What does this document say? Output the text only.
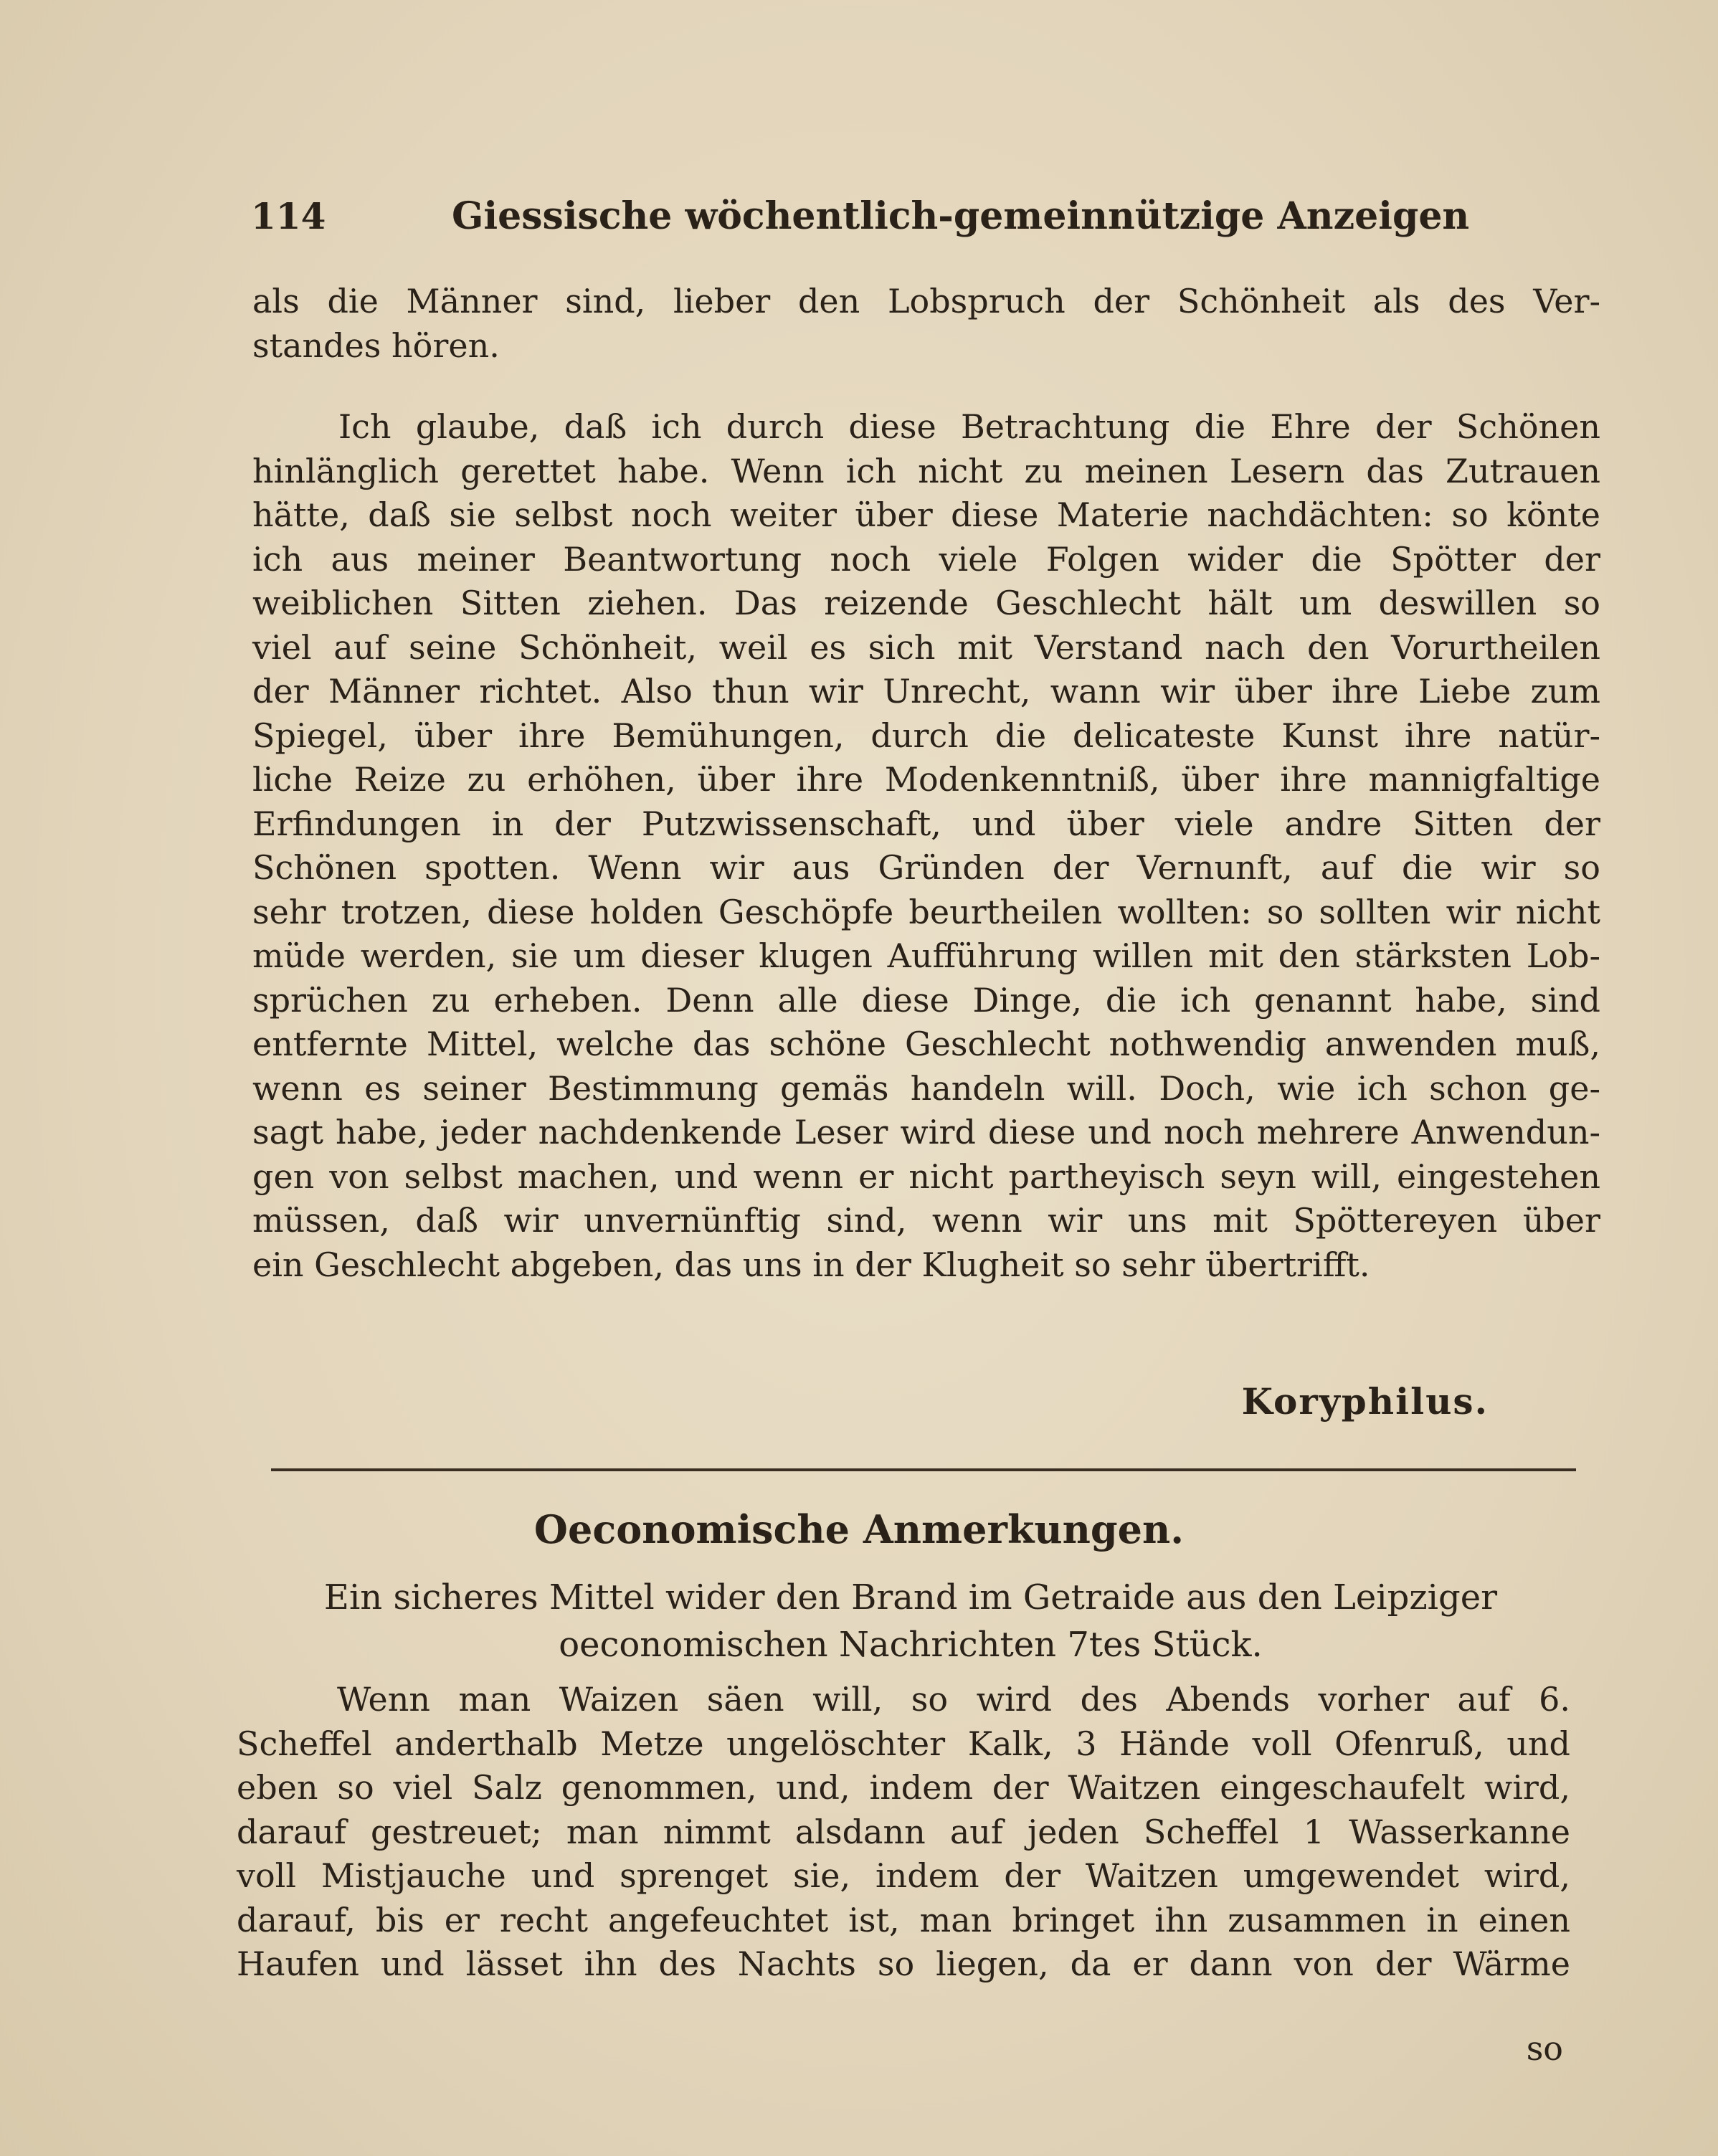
114	Giessische wöchentlich-gemeinnützige Anzeigen
als die Männer sind, lieber den Lobspruch der Schönheit als des Ver-
standes hören.
Ich glaube, daß ich durch diese Betrachtung die Ehre der Schönen
hinlänglich gerettet habe. Wenn ich nicht zu meinen Lesern das Zutrauen
hätte, daß sie selbst noch weiter über diese Materie nachdächten: so könte
ich aus meiner Beantwortung noch viele Folgen wider die Spötter der
weiblichen Sitten ziehen. Das reizende Geschlecht hält um deswillen so
viel auf seine Schönheit, weil es sich mit Verstand nach den Vorurtheilen
der Männer richtet. Also thun wir Unrecht, wann wir über ihre Liebe zum
Spiegel, über ihre Bemühungen, durch die delicateste Kunst ihre natür-
liche Reize zu erhöhen, über ihre Modenkenntniß, über ihre mannigfaltige
Erfindungen in der Putzwissenschaft, und über viele andre Sitten der
Schönen spotten. Wenn wir aus Gründen der Vernunft, auf die wir so
sehr trotzen, diese holden Geschöpfe beurtheilen wollten: so sollten wir nicht
müde werden, sie um dieser klugen Aufführung willen mit den stärksten Lob-
sprüchen zu erheben. Denn alle diese Dinge, die ich genannt habe, sind
entfernte Mittel, welche das schöne Geschlecht nothwendig anwenden muß,
wenn es seiner Bestimmung gemäs handeln will. Doch, wie ich schon ge-
sagt habe, jeder nachdenkende Leser wird diese und noch mehrere Anwendun-
gen von selbst machen, und wenn er nicht partheyisch seyn will, eingestehen
müssen, daß wir unvernünftig sind, wenn wir uns mit Spöttereyen über
ein Geschlecht abgeben, das uns in der Klugheit so sehr übertrifft.
Koryphilus.
Oeconomische Anmerkungen.
Ein sicheres Mittel wider den Brand im Getraide aus den Leipziger
oeconomischen Nachrichten 7tes Stück.
Wenn man Waizen säen will, so wird des Abends vorher auf 6.
Scheffel anderthalb Metze ungelöschter Kalk, 3 Hände voll Ofenruß, und
eben so viel Salz genommen, und, indem der Waitzen eingeschaufelt wird,
darauf gestreuet; man nimmt alsdann auf jeden Scheffel 1 Wasserkanne
voll Mistjauche und sprenget sie, indem der Waitzen umgewendet wird,
darauf, bis er recht angefeuchtet ist, man bringet ihn zusammen in einen
Haufen und lässet ihn des Nachts so liegen, da er dann von der Wärme
so
